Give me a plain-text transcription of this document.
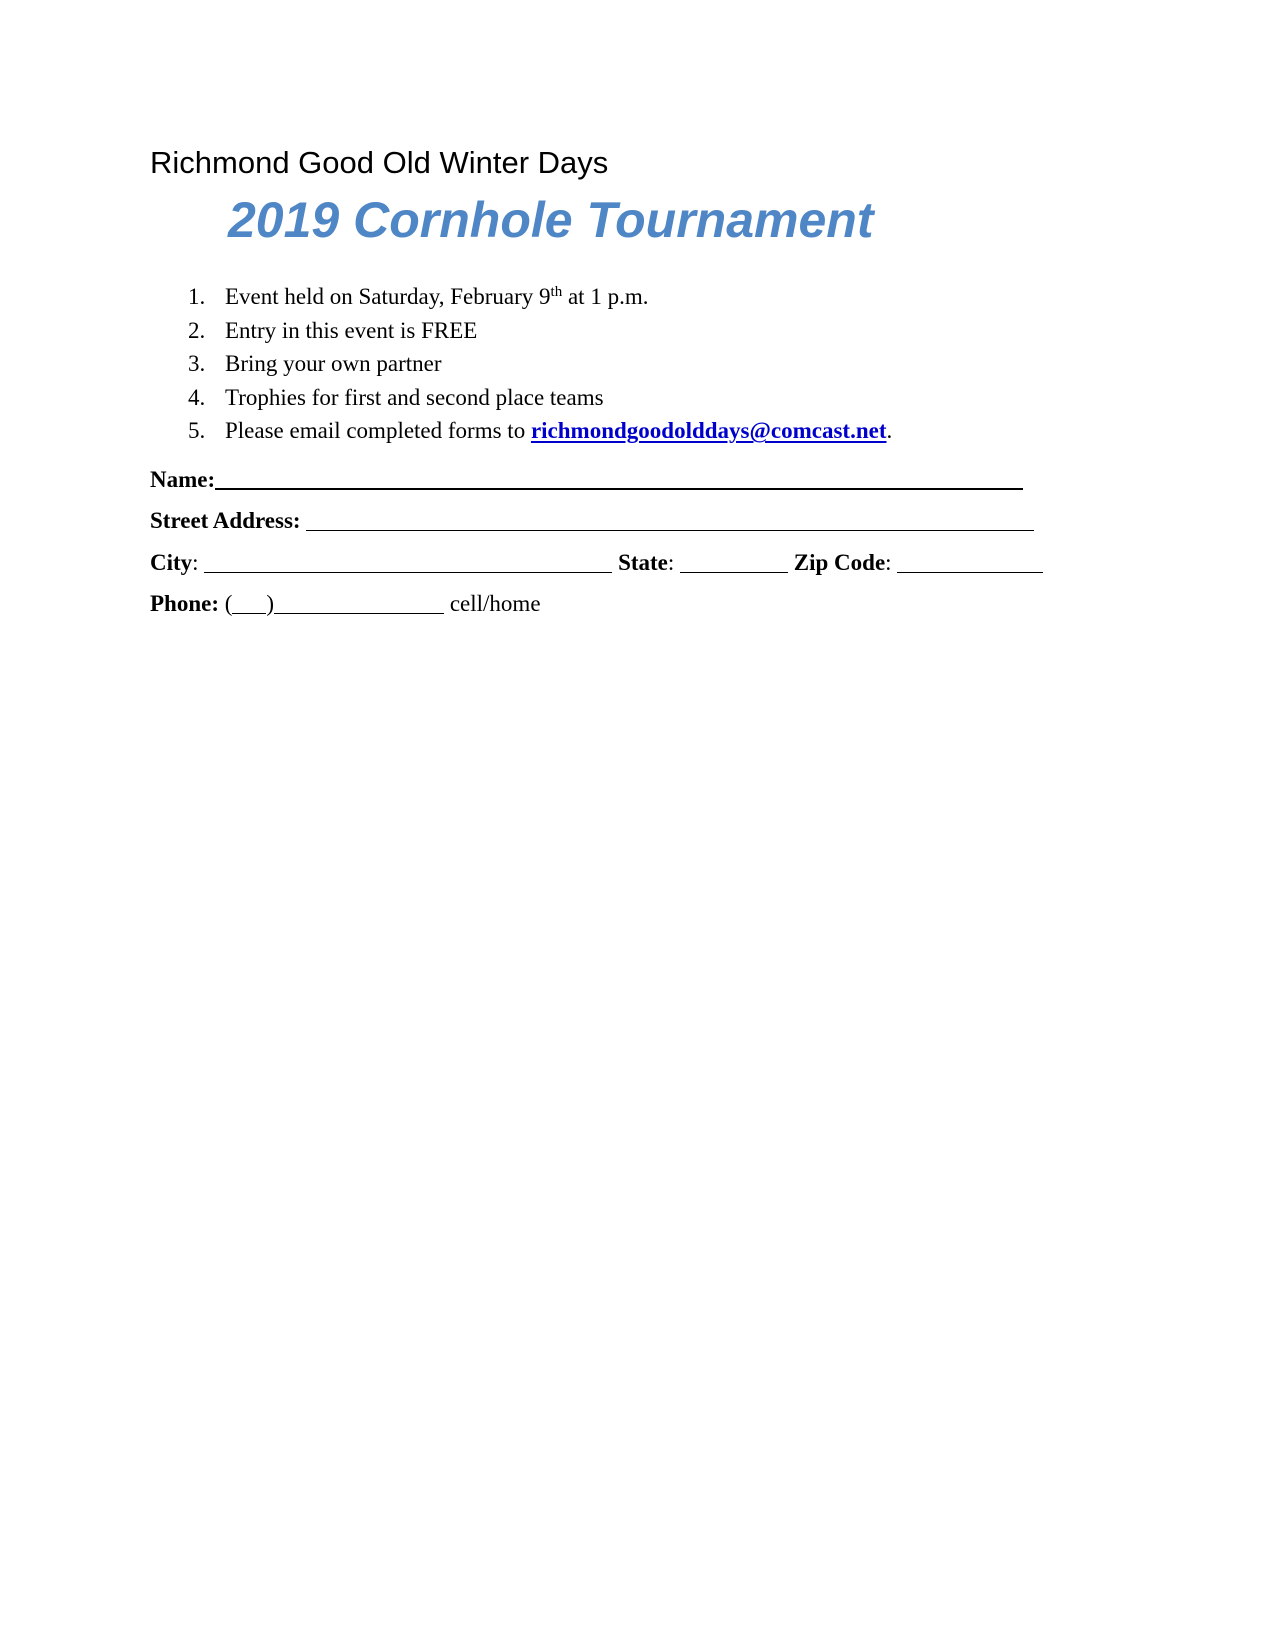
Richmond Good Old Winter Days
2019 Cornhole Tournament
1. Event held on Saturday, February 9th at 1 p.m.
2. Entry in this event is FREE
3. Bring your own partner
4. Trophies for first and second place teams
5. Please email completed forms to richmondgoodolddays@comcast.net.
Name:
Street Address:
City:	State:	Zip Code:
Phone: ( )	cell/home
